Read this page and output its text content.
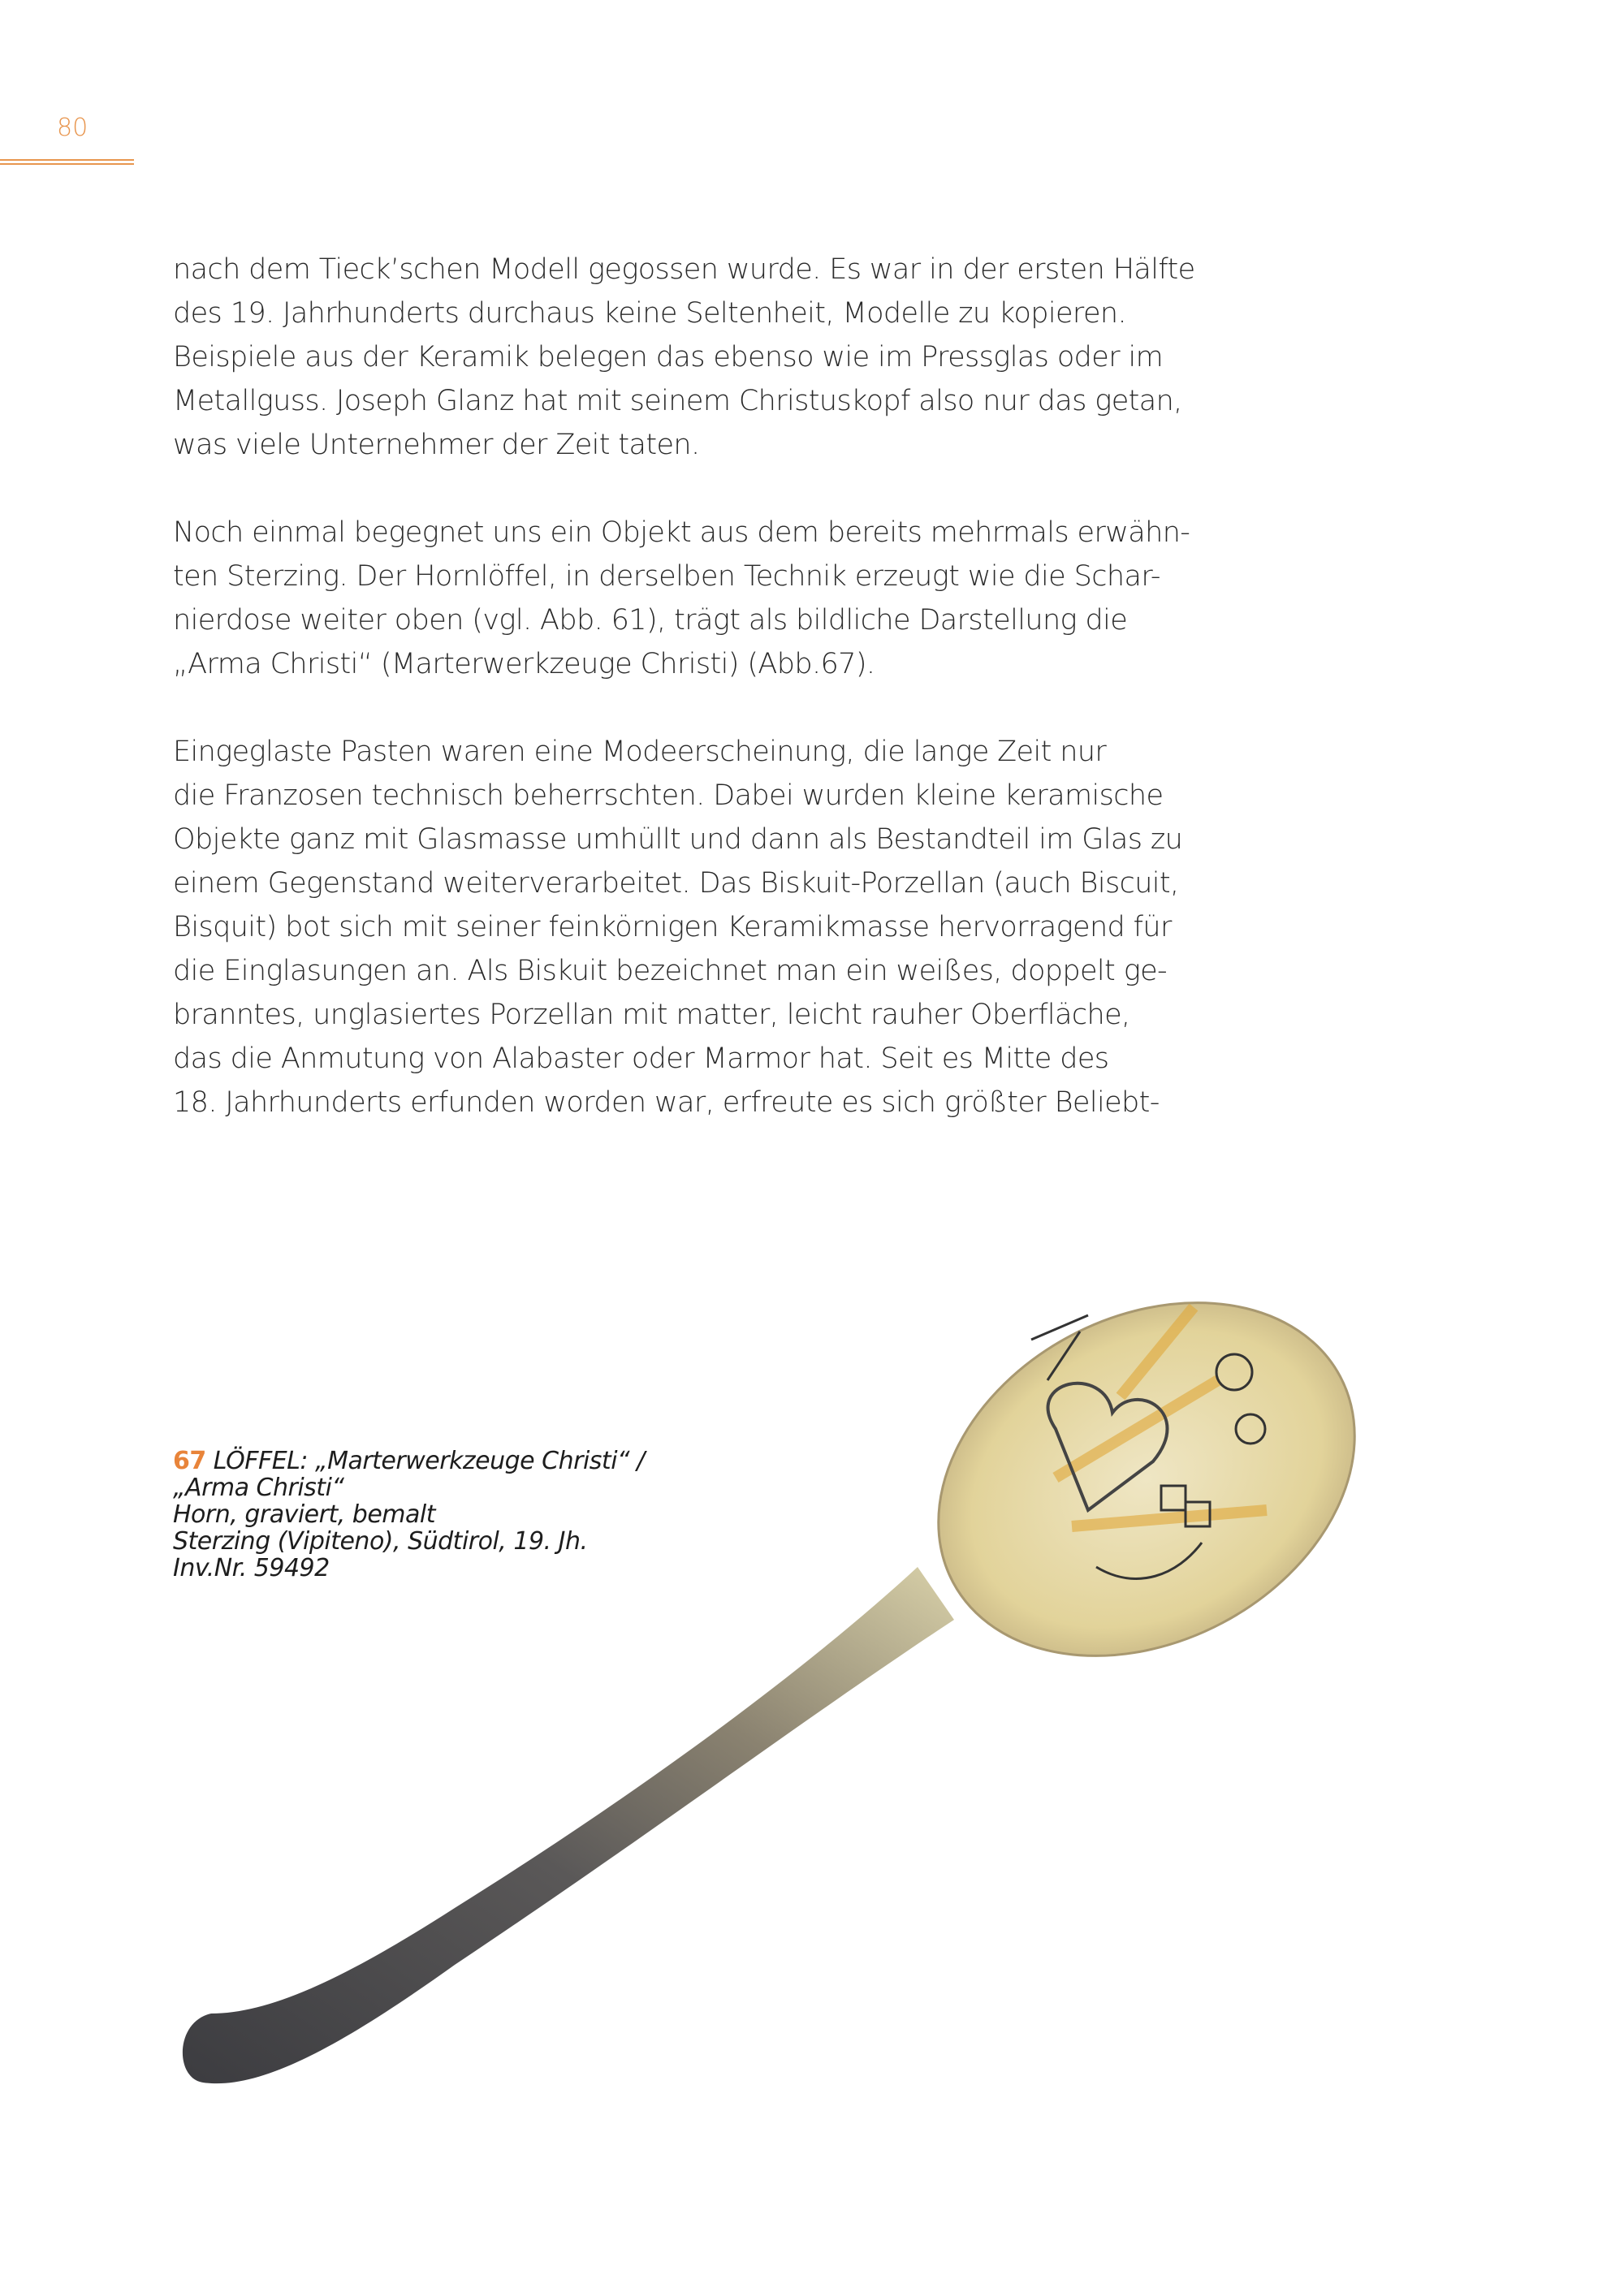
80

nach dem Tieck’schen Modell gegossen wurde. Es war in der ersten Hälfte
des 19. Jahrhunderts durchaus keine Seltenheit, Modelle zu kopieren.
Beispiele aus der Keramik belegen das ebenso wie im Pressglas oder im
Metallguss. Joseph Glanz hat mit seinem Christuskopf also nur das getan,
was viele Unternehmer der Zeit taten.

Noch einmal begegnet uns ein Objekt aus dem bereits mehrmals erwähn-
ten Sterzing. Der Hornlöffel, in derselben Technik erzeugt wie die Schar-
nierdose weiter oben (vgl. Abb. 61), trägt als bildliche Darstellung die
„Arma Christi“ (Marterwerkzeuge Christi) (Abb.67).

Eingeglaste Pasten waren eine Modeerscheinung, die lange Zeit nur
die Franzosen technisch beherrschten. Dabei wurden kleine keramische
Objekte ganz mit Glasmasse umhüllt und dann als Bestandteil im Glas zu
einem Gegenstand weiterverarbeitet. Das Biskuit-Porzellan (auch Biscuit,
Bisquit) bot sich mit seiner feinkörnigen Keramikmasse hervorragend für
die Einglasungen an. Als Biskuit bezeichnet man ein weißes, doppelt ge-
branntes, unglasiertes Porzellan mit matter, leicht rauher Oberfläche,
das die Anmutung von Alabaster oder Marmor hat. Seit es Mitte des
18. Jahrhunderts erfunden worden war, erfreute es sich größter Beliebt-

67 LÖFFEL: „Marterwerkzeuge Christi“ /
„Arma Christi“
Horn, graviert, bemalt
Sterzing (Vipiteno), Südtirol, 19. Jh.
Inv.Nr. 59492
